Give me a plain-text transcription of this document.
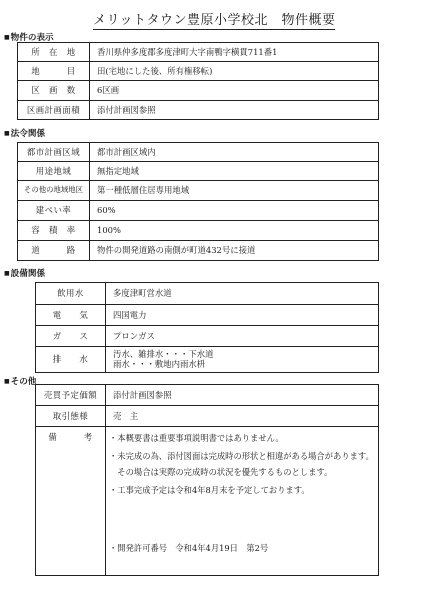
メリットタウン豊原小学校北　物件概要
■ 物件の表示
所　在　地	香川県仲多度郡多度津町大字南鴨字横貫711番1
地　　　目	田(宅地にした後、所有権移転)
区　画　数	6区画
区画計画面積	添付計画図参照
■ 法令関係
都市計画区域	都市計画区域内
用途地域	無指定地域
その他の地域地区	第一種低層住居専用地域
建ぺい率	60%
容　積　率	100%
道　　　路	物件の開発道路の南側が町道432号に接道
■ 設備関係
飲用水	多度津町営水道
電　　気	四国電力
ガ　　ス	プロンガス
排　　水	汚水、雑排水・・・下水道
雨水・・・敷地内雨水枡
■ その他
売買予定価額	添付計画図参照
取引態様	売　主
備　　　考	・本概要書は重要事項説明書ではありません。
・未完成の為、添付図面は完成時の形状と相違がある場合があります。
　その場合は実際の完成時の状況を優先するものとします。
・工事完成予定は令和4年8月末を予定しております。
・開発許可番号　令和4年4月19日　第2号
